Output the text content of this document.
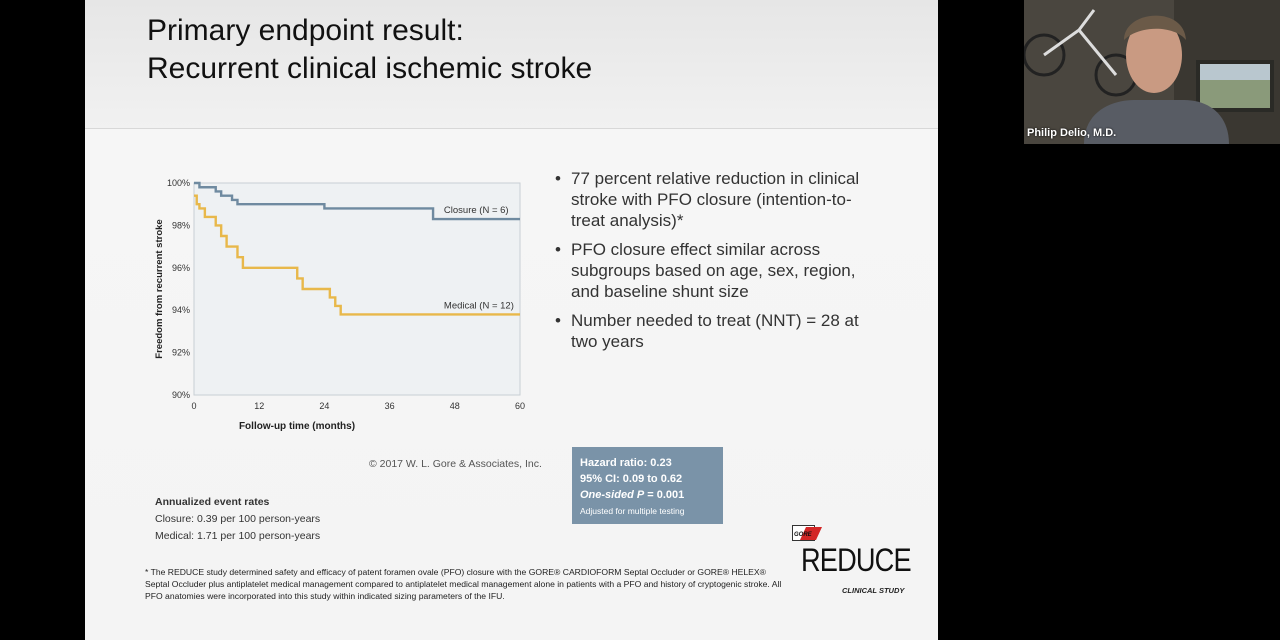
Primary endpoint result:
Recurrent clinical ischemic stroke
90%
92%
94%
96%
98%
100%
0	12	24	36	48	60
Follow-up time (months)
Freedom from recurrent stroke
Closure (N = 6)
Medical (N = 12)
• 77 percent relative reduction in clinical stroke with PFO closure (intention-to-treat analysis)*
• PFO closure effect similar across subgroups based on age, sex, region, and baseline shunt size
• Number needed to treat (NNT) = 28 at two years
Hazard ratio: 0.23
95% CI: 0.09 to 0.62
One-sided P = 0.001
Adjusted for multiple testing
© 2017 W. L. Gore & Associates, Inc.
Annualized event rates
Closure: 0.39 per 100 person-years
Medical: 1.71 per 100 person-years
* The REDUCE study determined safety and efficacy of patent foramen ovale (PFO) closure with the GORE® CARDIOFORM Septal Occluder or GORE® HELEX® Septal Occluder plus antiplatelet medical management compared to antiplatelet medical management alone in patients with a PFO and history of cryptogenic stroke. All PFO anatomies were incorporated into this study within indicated sizing parameters of the IFU.
GORE
REDUCE
CLINICAL STUDY
Philip Delio, M.D.
